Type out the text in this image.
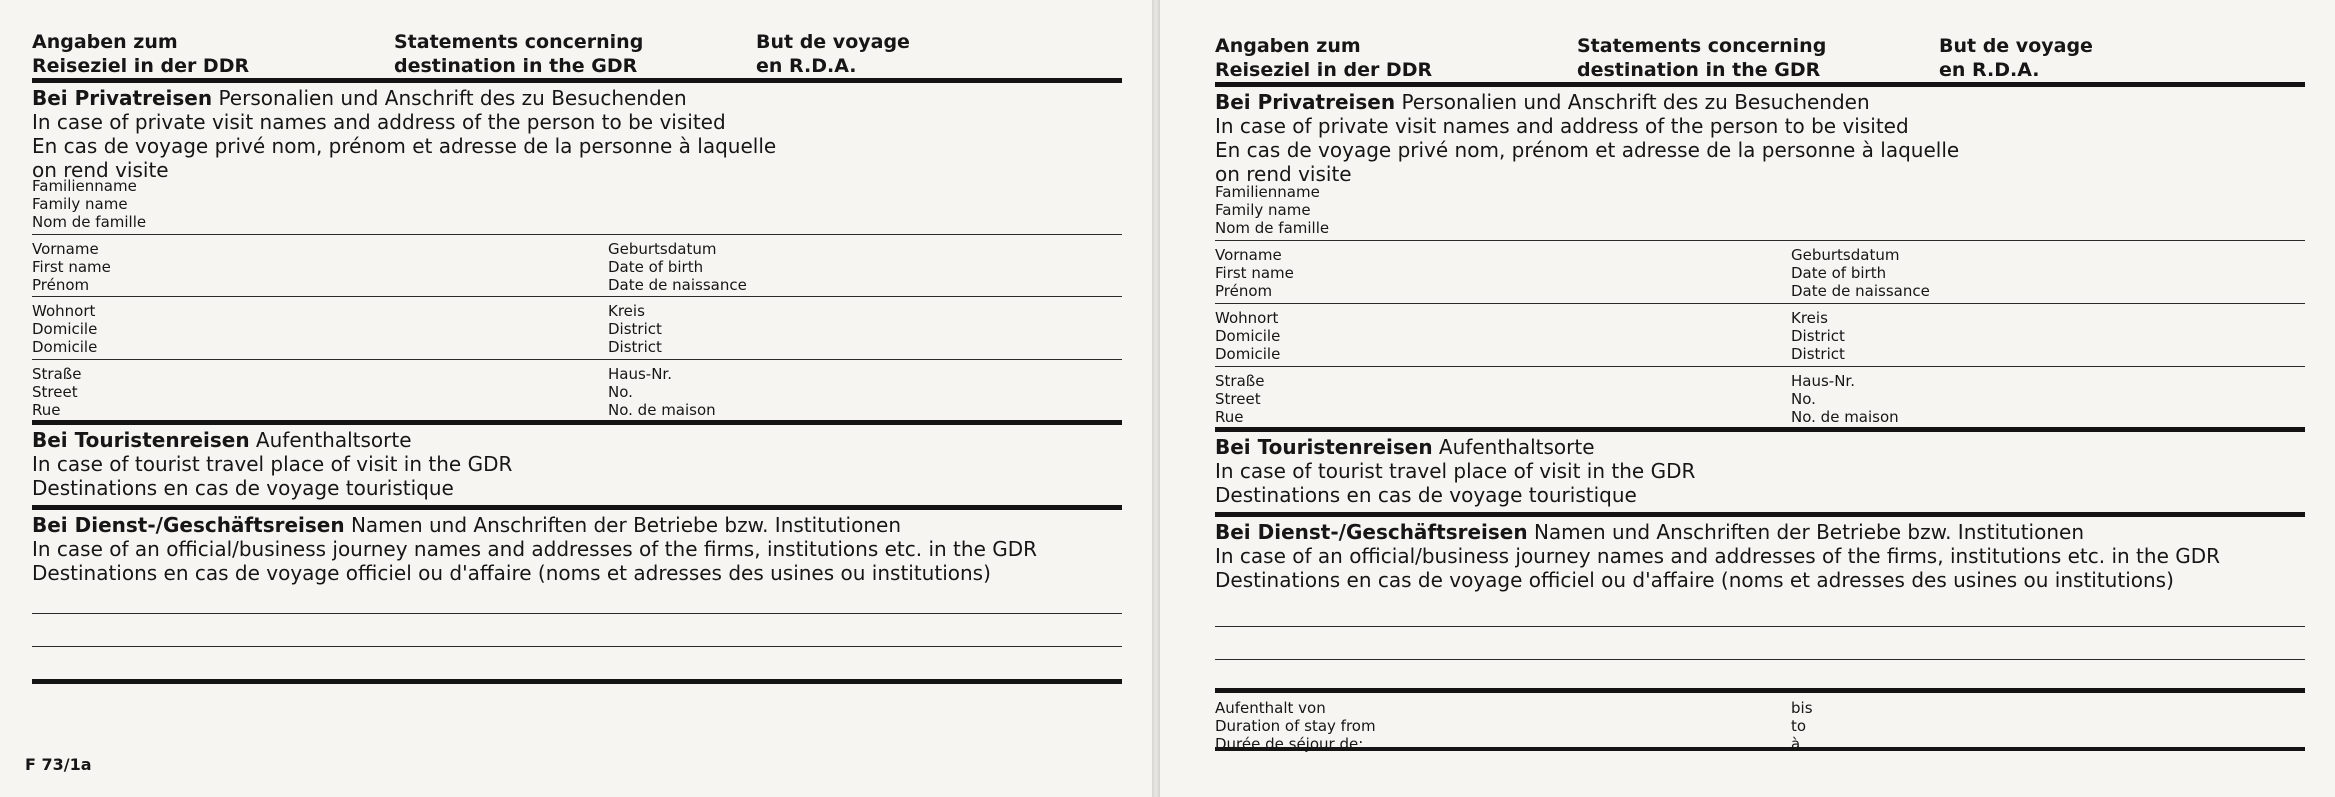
Angaben zum
Reiseziel in der DDR
Statements concerning
destination in the GDR
But de voyage
en R.D.A.
Bei Privatreisen Personalien und Anschrift des zu Besuchenden
In case of private visit names and address of the person to be visited
En cas de voyage privé nom, prénom et adresse de la personne à laquelle
on rend visite
Familienname
Family name
Nom de famille
Vorname
First name
Prénom
Geburtsdatum
Date of birth
Date de naissance
Wohnort
Domicile
Domicile
Kreis
District
District
Straße
Street
Rue
Haus-Nr.
No.
No. de maison
Bei Touristenreisen Aufenthaltsorte
In case of tourist travel place of visit in the GDR
Destinations en cas de voyage touristique
Bei Dienst-/Geschäftsreisen Namen und Anschriften der Betriebe bzw. Institutionen
In case of an official/business journey names and addresses of the firms, institutions etc. in the GDR
Destinations en cas de voyage officiel ou d'affaire (noms et adresses des usines ou institutions)
F 73/1a
Angaben zum
Reiseziel in der DDR
Statements concerning
destination in the GDR
But de voyage
en R.D.A.
Bei Privatreisen Personalien und Anschrift des zu Besuchenden
In case of private visit names and address of the person to be visited
En cas de voyage privé nom, prénom et adresse de la personne à laquelle
on rend visite
Familienname
Family name
Nom de famille
Vorname
First name
Prénom
Geburtsdatum
Date of birth
Date de naissance
Wohnort
Domicile
Domicile
Kreis
District
District
Straße
Street
Rue
Haus-Nr.
No.
No. de maison
Bei Touristenreisen Aufenthaltsorte
In case of tourist travel place of visit in the GDR
Destinations en cas de voyage touristique
Bei Dienst-/Geschäftsreisen Namen und Anschriften der Betriebe bzw. Institutionen
In case of an official/business journey names and addresses of the firms, institutions etc. in the GDR
Destinations en cas de voyage officiel ou d'affaire (noms et adresses des usines ou institutions)
Aufenthalt von
Duration of stay from
Durée de séjour de:
bis
to
à
